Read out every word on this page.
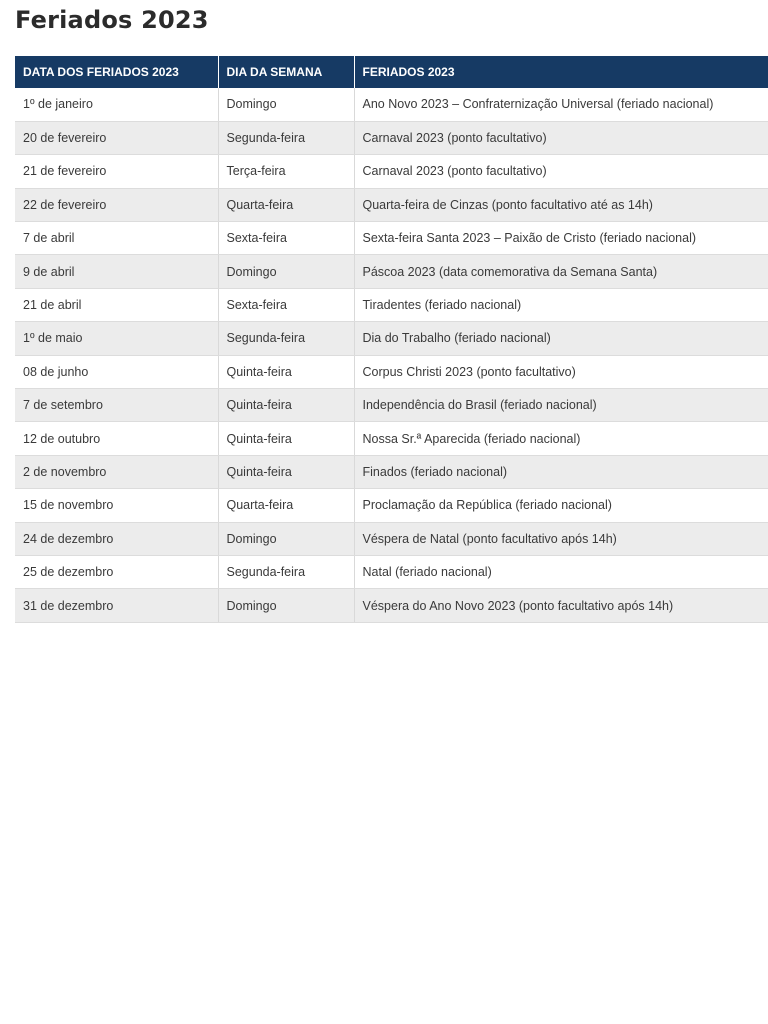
Feriados 2023
DATA DOS FERIADOS 2023	DIA DA SEMANA	FERIADOS 2023
1º de janeiro	Domingo	Ano Novo 2023 – Confraternização Universal (feriado nacional)
20 de fevereiro	Segunda-feira	Carnaval 2023 (ponto facultativo)
21 de fevereiro	Terça-feira	Carnaval 2023 (ponto facultativo)
22 de fevereiro	Quarta-feira	Quarta-feira de Cinzas (ponto facultativo até as 14h)
7 de abril	Sexta-feira	Sexta-feira Santa 2023 – Paixão de Cristo (feriado nacional)
9 de abril	Domingo	Páscoa 2023 (data comemorativa da Semana Santa)
21 de abril	Sexta-feira	Tiradentes (feriado nacional)
1º de maio	Segunda-feira	Dia do Trabalho (feriado nacional)
08 de junho	Quinta-feira	Corpus Christi 2023 (ponto facultativo)
7 de setembro	Quinta-feira	Independência do Brasil (feriado nacional)
12 de outubro	Quinta-feira	Nossa Sr.ª Aparecida (feriado nacional)
2 de novembro	Quinta-feira	Finados (feriado nacional)
15 de novembro	Quarta-feira	Proclamação da República (feriado nacional)
24 de dezembro	Domingo	Véspera de Natal (ponto facultativo após 14h)
25 de dezembro	Segunda-feira	Natal (feriado nacional)
31 de dezembro	Domingo	Véspera do Ano Novo 2023 (ponto facultativo após 14h)
